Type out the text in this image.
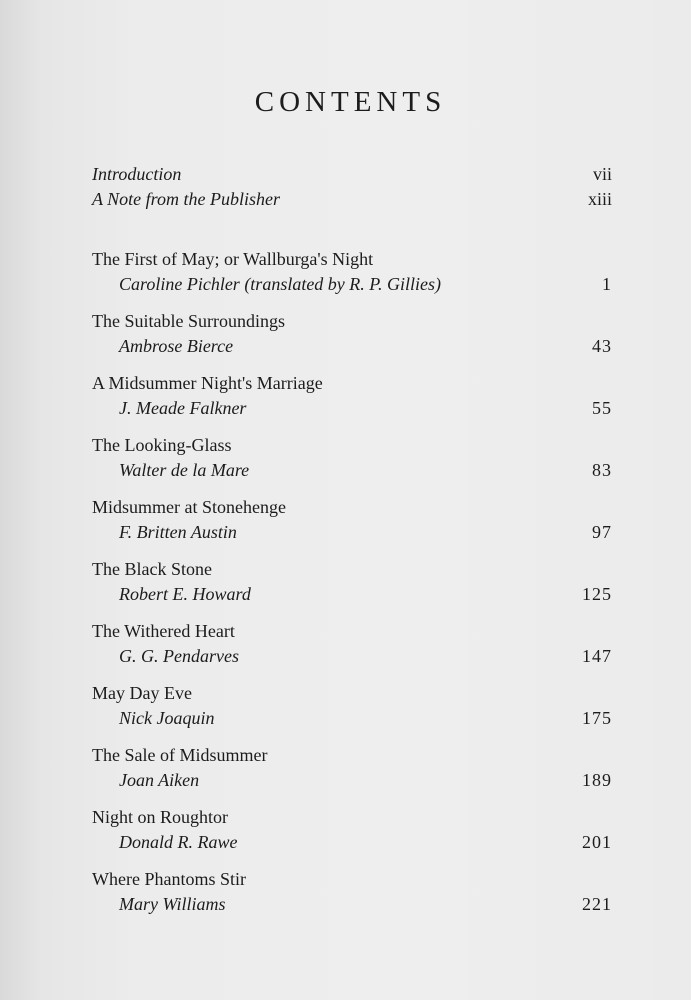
CONTENTS
Introduction	vii
A Note from the Publisher	xiii
The First of May; or Wallburga's Night
Caroline Pichler (translated by R. P. Gillies)	1
The Suitable Surroundings
Ambrose Bierce	43
A Midsummer Night's Marriage
J. Meade Falkner	55
The Looking-Glass
Walter de la Mare	83
Midsummer at Stonehenge
F. Britten Austin	97
The Black Stone
Robert E. Howard	125
The Withered Heart
G. G. Pendarves	147
May Day Eve
Nick Joaquin	175
The Sale of Midsummer
Joan Aiken	189
Night on Roughtor
Donald R. Rawe	201
Where Phantoms Stir
Mary Williams	221
